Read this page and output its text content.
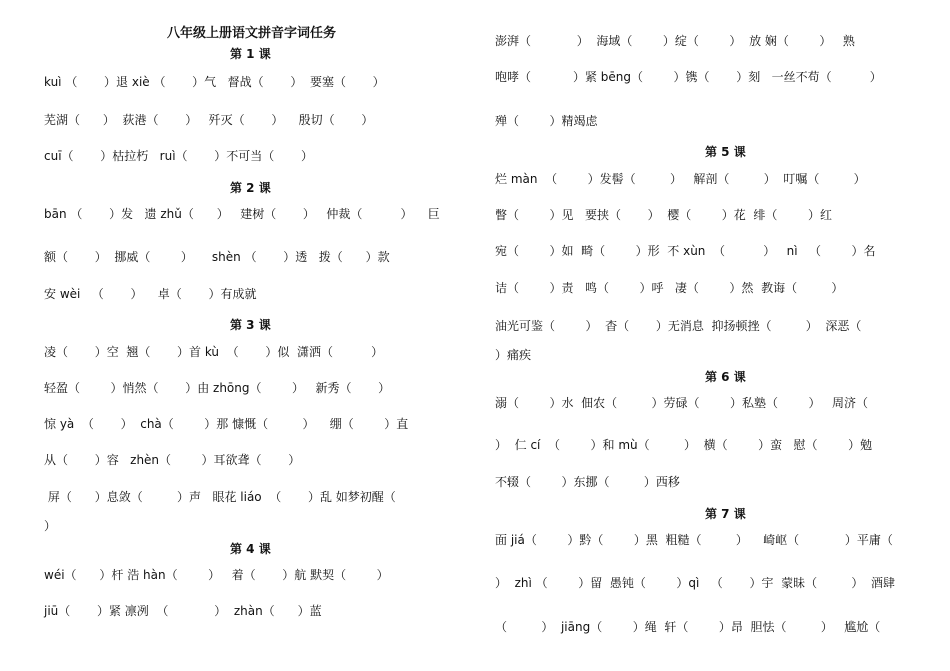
八年级上册语文拼音字词任务
第 1 课
kuì （       ）退 xiè （       ）气   督战（       ）  要塞（       ）
芜湖（      ）  荻港（       ）   歼灭（       ）    殷切（       ）
cuī（       ）枯拉朽   ruì（       ）不可当（       ）
第 2 课
bān （       ）发   遗 zhǔ（      ）   建树（       ）   仲裁（          ）    巨
额（       ）  挪威（        ）     shèn （       ）透   拨（      ）款
安 wèi   （       ）    卓（       ）有成就
第 3 课
凌（       ）空  翘（       ）首 kù  （       ）似  潇洒（          ）
轻盈（        ）悄然（       ）由 zhōng（        ）   新秀（       ）
惊 yà  （       ）  chà（        ）那 慷慨（         ）    绷（        ）直
从（       ）容   zhèn（        ）耳欲聋（       ）
屏（      ）息敛（         ）声   眼花 liáo  （       ）乱 如梦初醒（
）
第 4 课
wéi（      ）杆 浩 hàn（        ）   着（       ）航 默契（        ）
jiū（       ）紧 凛冽  （            ）  zhàn（      ）蓝
澎湃（            ）  海域（        ）绽（        ）  放 娴（        ）   熟
咆哮（           ）紧 bēng（        ）镌（       ）刻   一丝不苟（          ）
殚（        ）精竭虑
第 5 课
烂 màn  （        ）发髻（         ）   解剖（         ）  叮嘱（         ）
瞥（        ）见   要挟（       ）  樱（        ）花  绯（        ）红
宛（        ）如  畸（        ）形  不 xùn  （          ）   nì   （        ）名
诘（        ）责   鸣（        ）呼   凄（        ）然  教诲（         ）
油光可鉴（        ）  杳（       ）无消息  抑扬顿挫（         ）  深恶（
）痛疾
第 6 课
溺（        ）水  佃农（         ）劳碌（        ）私塾（        ）   周济（
）  仁 cí  （        ）和 mù（         ）  横（        ）蛮   慰（        ）勉
不辍（        ）东挪（         ）西移
第 7 课
面 jiá（        ）黔（        ）黑  粗糙（         ）    崎岖（            ）平庸（
）  zhì （        ）留  愚钝（        ）qì   （       ）宇  蒙昧（         ）  酒肆
（         ）  jiāng（        ）绳  轩（        ）昂  胆怯（         ）   尴尬（
